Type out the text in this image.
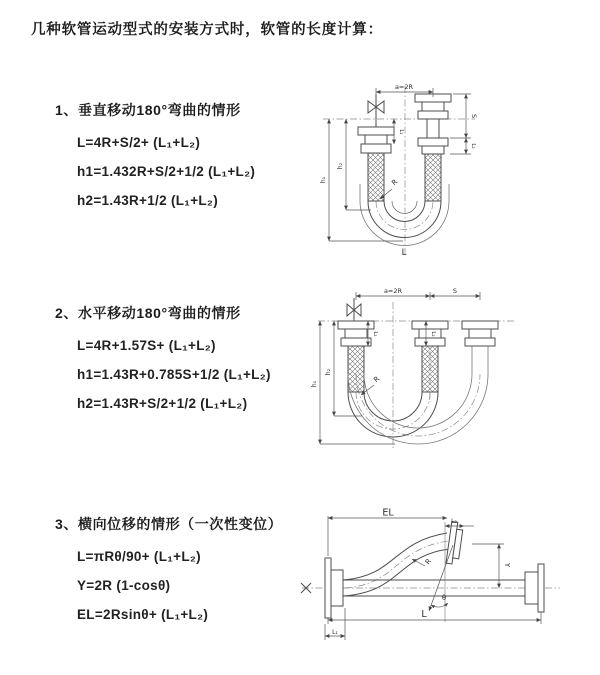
几种软管运动型式的安装方式时，软管的长度计算：
1、垂直移动180°弯曲的情形
L=4R+S/2+ (L₁+L₂)
h1=1.432R+S/2+1/2 (L₁+L₂)
h2=1.43R+1/2 (L₁+L₂)
2、水平移动180°弯曲的情形
L=4R+1.57S+ (L₁+L₂)
h1=1.43R+0.785S+1/2 (L₁+L₂)
h2=1.43R+S/2+1/2 (L₁+L₂)
3、横向位移的情形（一次性变位）
L=πRθ/90+ (L₁+L₂)
Y=2R (1-cosθ)
EL=2Rsinθ+ (L₁+L₂)
a=2R
S
L₂
L₁
h₁
h₂
R
L
a=2R	S
L₁	L₂
h₁
h₂
R
EL
L₂
Y
R
θ
L
L₁
